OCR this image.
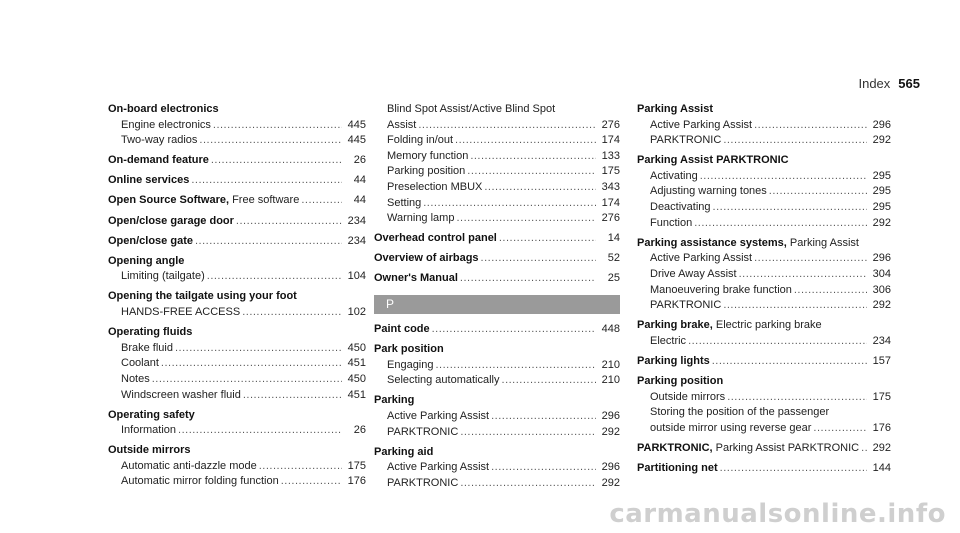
Index 565
On-board electronics
Engine electronics .....	445
Two-way radios .....	445
On-demand feature .....	26
Online services .....	44
Open Source Software, Free software .....	44
Open/close garage door .....	234
Open/close gate .....	234
Opening angle
Limiting (tailgate) .....	104
Opening the tailgate using your foot
HANDS-FREE ACCESS .....	102
Operating fluids
Brake fluid .....	450
Coolant .....	451
Notes .....	450
Windscreen washer fluid .....	451
Operating safety
Information .....	26
Outside mirrors
Automatic anti-dazzle mode .....	175
Automatic mirror folding function .....	176
Blind Spot Assist/Active Blind Spot
Assist .....	276
Folding in/out .....	174
Memory function .....	133
Parking position .....	175
Preselection MBUX .....	343
Setting .....	174
Warning lamp .....	276
Overhead control panel .....	14
Overview of airbags .....	52
Owner's Manual .....	25
P
Paint code .....	448
Park position
Engaging .....	210
Selecting automatically .....	210
Parking
Active Parking Assist .....	296
PARKTRONIC .....	292
Parking aid
Active Parking Assist .....	296
PARKTRONIC .....	292
Parking Assist
Active Parking Assist .....	296
PARKTRONIC .....	292
Parking Assist PARKTRONIC
Activating .....	295
Adjusting warning tones .....	295
Deactivating .....	295
Function .....	292
Parking assistance systems, Parking Assist
Active Parking Assist .....	296
Drive Away Assist .....	304
Manoeuvering brake function .....	306
PARKTRONIC .....	292
Parking brake, Electric parking brake
Electric .....	234
Parking lights .....	157
Parking position
Outside mirrors .....	175
Storing the position of the passenger
outside mirror using reverse gear .....	176
PARKTRONIC, Parking Assist PARKTRONIC .....	292
Partitioning net .....	144
carmanualsonline.info
